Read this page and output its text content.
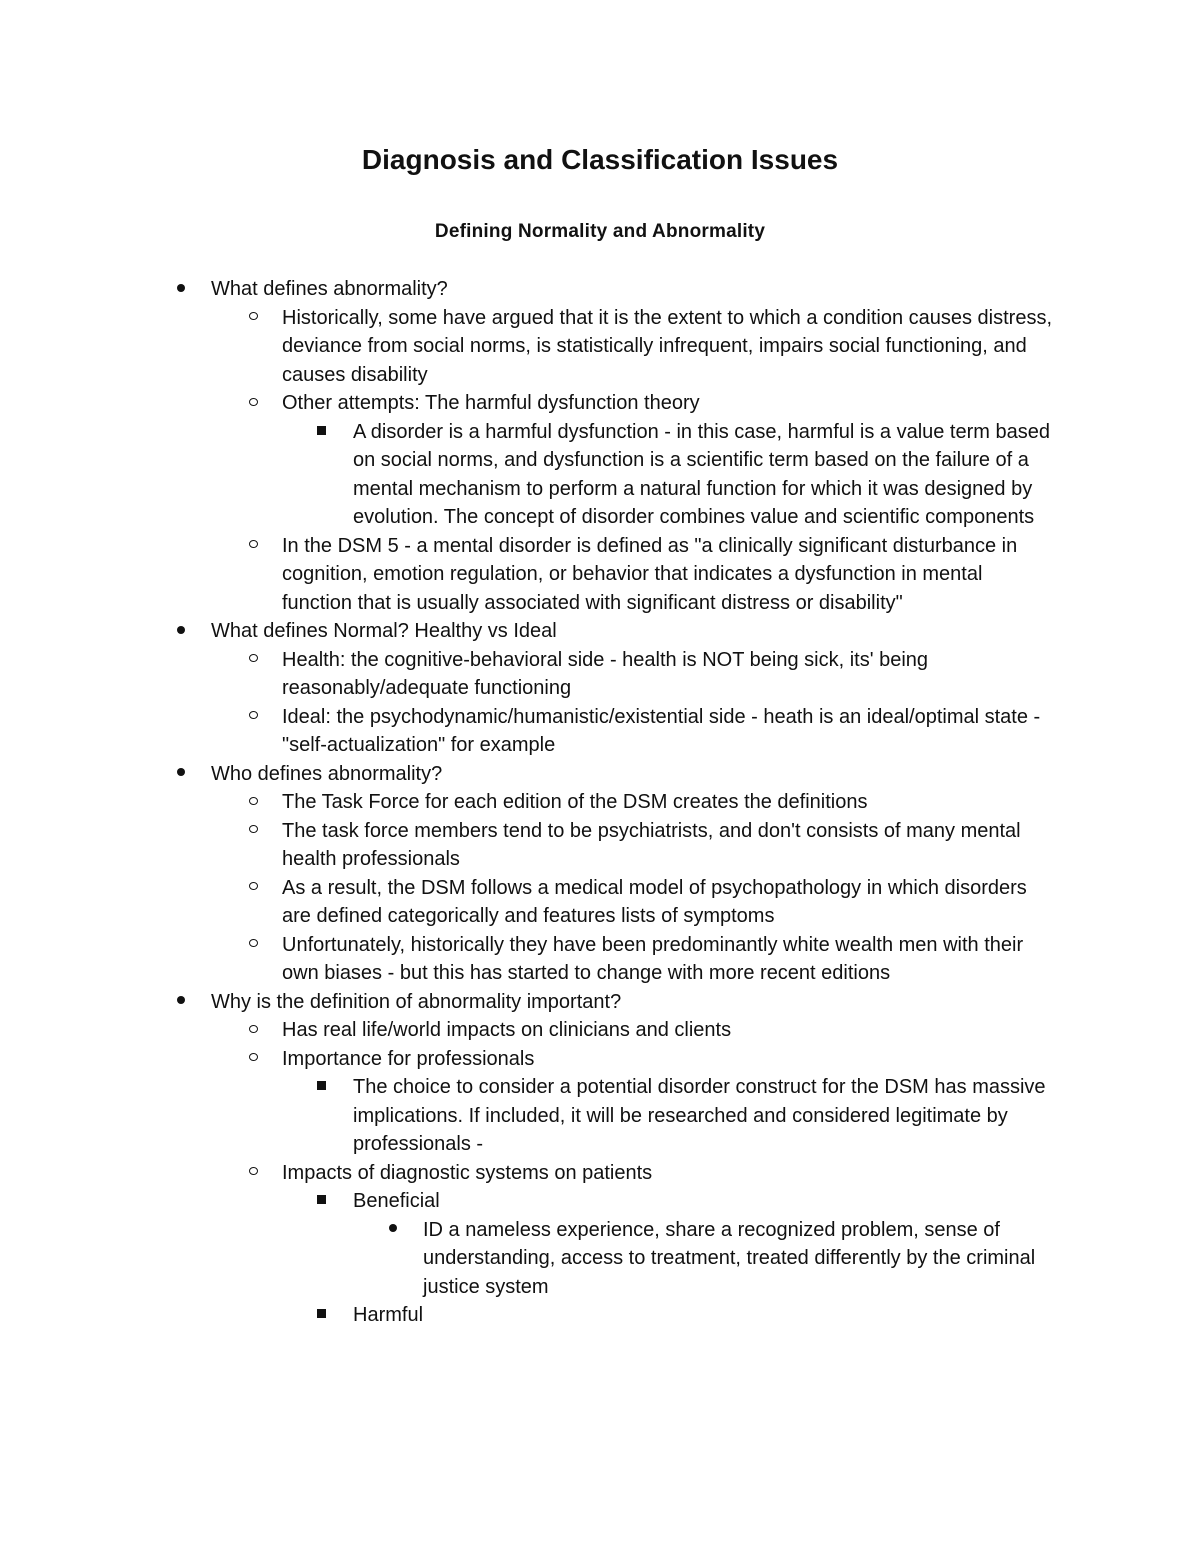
Diagnosis and Classification Issues
Defining Normality and Abnormality
What defines abnormality?
Historically, some have argued that it is the extent to which a condition causes distress, deviance from social norms, is statistically infrequent, impairs social functioning, and causes disability
Other attempts: The harmful dysfunction theory
A disorder is a harmful dysfunction - in this case, harmful is a value term based on social norms, and dysfunction is a scientific term based on the failure of a mental mechanism to perform a natural function for which it was designed by evolution. The concept of disorder combines value and scientific components
In the DSM 5 - a mental disorder is defined as "a clinically significant disturbance in cognition, emotion regulation, or behavior that indicates a dysfunction in mental function that is usually associated with significant distress or disability"
What defines Normal? Healthy vs Ideal
Health: the cognitive-behavioral side - health is NOT being sick, its' being reasonably/adequate functioning
Ideal: the psychodynamic/humanistic/existential side - heath is an ideal/optimal state - "self-actualization" for example
Who defines abnormality?
The Task Force for each edition of the DSM creates the definitions
The task force members tend to be psychiatrists, and don't consists of many mental health professionals
As a result, the DSM follows a medical model of psychopathology in which disorders are defined categorically and features lists of symptoms
Unfortunately, historically they have been predominantly white wealth men with their own biases - but this has started to change with more recent editions
Why is the definition of abnormality important?
Has real life/world impacts on clinicians and clients
Importance for professionals
The choice to consider a potential disorder construct for the DSM has massive implications. If included, it will be researched and considered legitimate by professionals -
Impacts of diagnostic systems on patients
Beneficial
ID a nameless experience, share a recognized problem, sense of understanding, access to treatment, treated differently by the criminal justice system
Harmful
